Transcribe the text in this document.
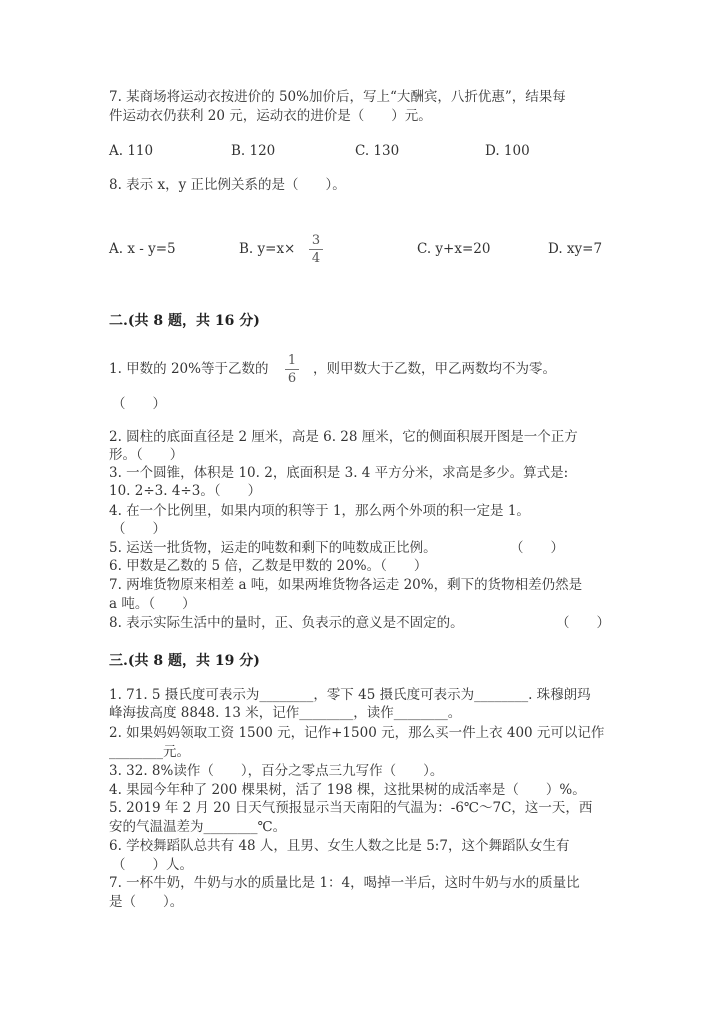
7. 某商场将运动衣按进价的 50%加价后，写上“大酬宾，八折优惠”，结果每
件运动衣仍获利 20 元，运动衣的进价是（　　）元。
A. 110	B. 120	C. 130	D. 100
8. 表示 x，y 正比例关系的是（　　）。
A. x - y=5	B. y=x×
3
4
C. y+x=20	D. xy=7
二.(共 8 题，共 16 分)
1. 甲数的 20%等于乙数的
1
6
，则甲数大于乙数，甲乙两数均不为零。
（　　）
2. 圆柱的底面直径是 2 厘米，高是 6. 28 厘米，它的侧面积展开图是一个正方
形。（　　）
3. 一个圆锥，体积是 10. 2，底面积是 3. 4 平方分米，求高是多少。算式是:
10. 2÷3. 4÷3。（　　）
4. 在一个比例里，如果内项的积等于 1，那么两个外项的积一定是 1。
（　　）
5. 运送一批货物，运走的吨数和剩下的吨数成正比例。	（　　）
6. 甲数是乙数的 5 倍，乙数是甲数的 20%。（　　）
7. 两堆货物原来相差 a 吨，如果两堆货物各运走 20%，剩下的货物相差仍然是
a 吨。（　　）
8. 表示实际生活中的量时，正、负表示的意义是不固定的。	（　　）
三.(共 8 题，共 19 分)
1. 71. 5 摄氏度可表示为________，零下 45 摄氏度可表示为________. 珠穆朗玛
峰海拔高度 8848. 13 米，记作________，读作________。
2. 如果妈妈领取工资 1500 元，记作+1500 元，那么买一件上衣 400 元可以记作
________元。
3. 32. 8%读作（　　），百分之零点三九写作（　　）。
4. 果园今年种了 200 棵果树，活了 198 棵，这批果树的成活率是（　　）%。
5. 2019 年 2 月 20 日天气预报显示当天南阳的气温为：-6℃～7C，这一天，西
安的气温温差为________℃。
6. 学校舞蹈队总共有 48 人，且男、女生人数之比是 5:7，这个舞蹈队女生有
（　　）人。
7. 一杯牛奶，牛奶与水的质量比是 1：4，喝掉一半后，这时牛奶与水的质量比
是（　　）。
